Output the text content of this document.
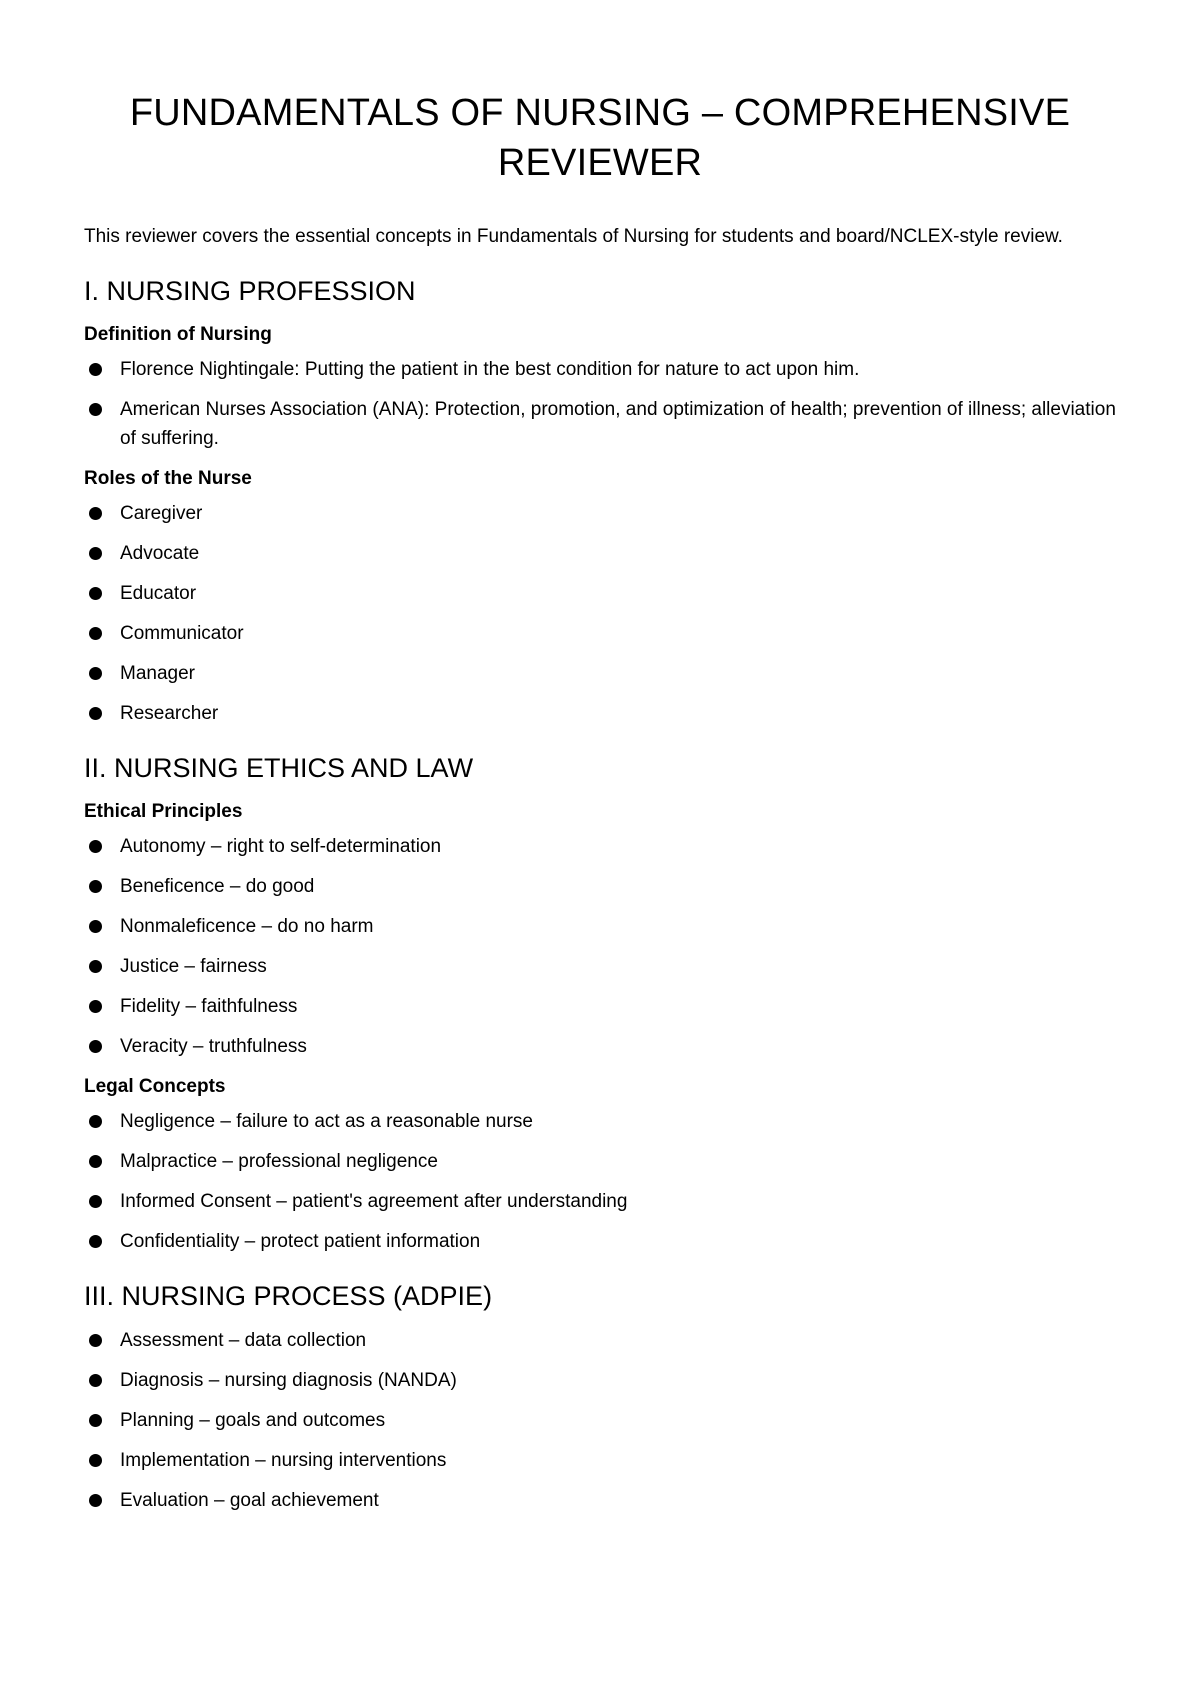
FUNDAMENTALS OF NURSING – COMPREHENSIVE
REVIEWER

This reviewer covers the essential concepts in Fundamentals of Nursing for students and board/NCLEX-style review.

I. NURSING PROFESSION
Definition of Nursing
Florence Nightingale: Putting the patient in the best condition for nature to act upon him.
American Nurses Association (ANA): Protection, promotion, and optimization of health; prevention of illness; alleviation of suffering.
Roles of the Nurse
Caregiver
Advocate
Educator
Communicator
Manager
Researcher
II. NURSING ETHICS AND LAW
Ethical Principles
Autonomy – right to self-determination
Beneficence – do good
Nonmaleficence – do no harm
Justice – fairness
Fidelity – faithfulness
Veracity – truthfulness
Legal Concepts
Negligence – failure to act as a reasonable nurse
Malpractice – professional negligence
Informed Consent – patient's agreement after understanding
Confidentiality – protect patient information
III. NURSING PROCESS (ADPIE)
Assessment – data collection
Diagnosis – nursing diagnosis (NANDA)
Planning – goals and outcomes
Implementation – nursing interventions
Evaluation – goal achievement
